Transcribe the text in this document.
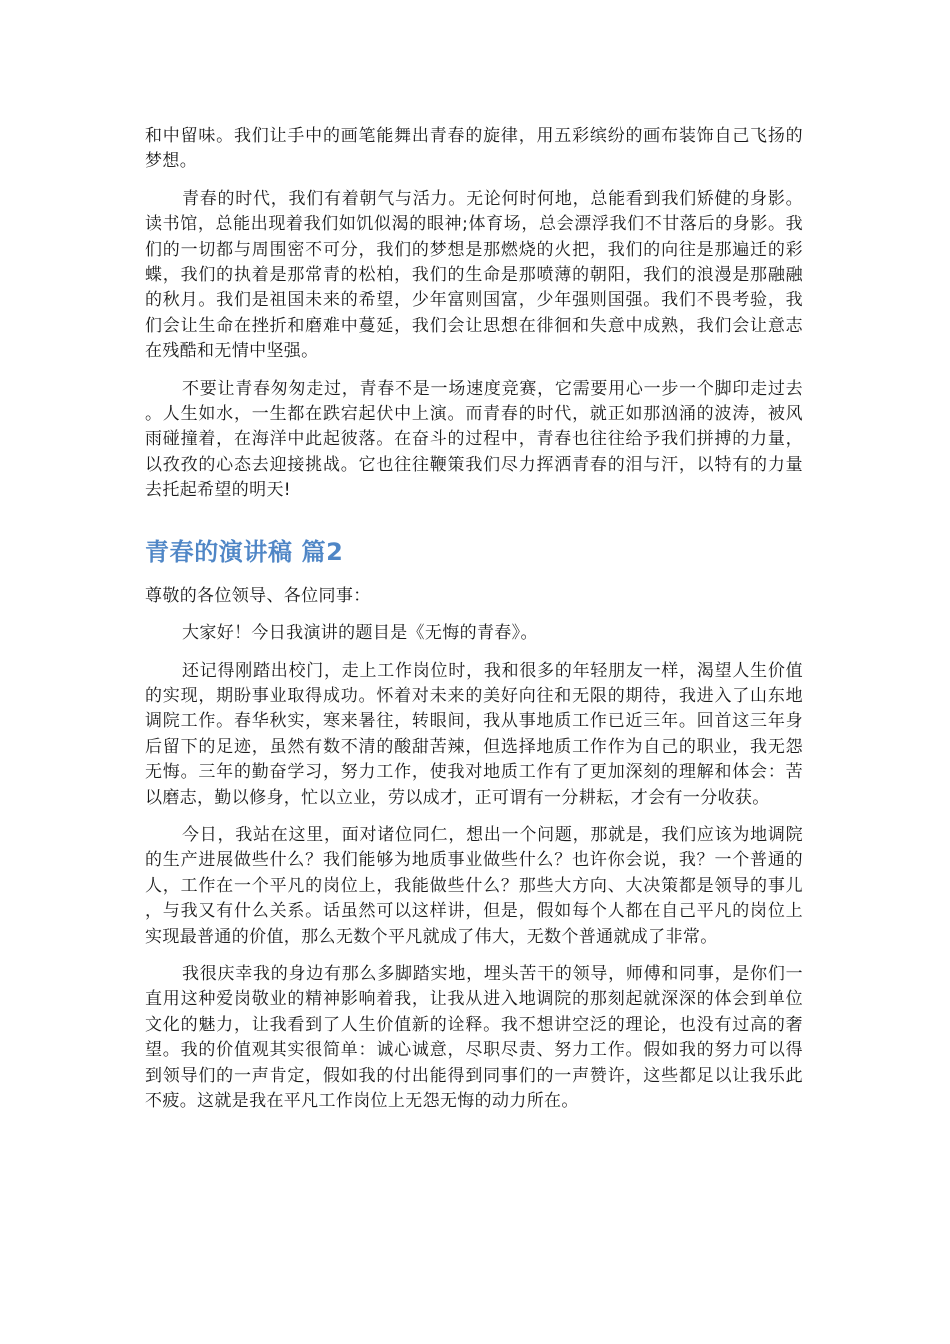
和中留味。我们让手中的画笔能舞出青春的旋律，用五彩缤纷的画布装饰自己飞扬的梦想。

青春的时代，我们有着朝气与活力。无论何时何地，总能看到我们矫健的身影。读书馆，总能出现着我们如饥似渴的眼神;体育场，总会漂浮我们不甘落后的身影。我们的一切都与周围密不可分，我们的梦想是那燃烧的火把，我们的向往是那遍迁的彩蝶，我们的执着是那常青的松柏，我们的生命是那喷薄的朝阳，我们的浪漫是那融融的秋月。我们是祖国未来的希望，少年富则国富，少年强则国强。我们不畏考验，我们会让生命在挫折和磨难中蔓延，我们会让思想在徘徊和失意中成熟，我们会让意志在残酷和无情中坚强。

不要让青春匆匆走过，青春不是一场速度竞赛，它需要用心一步一个脚印走过去。人生如水，一生都在跌宕起伏中上演。而青春的时代，就正如那汹涌的波涛，被风雨碰撞着，在海洋中此起彼落。在奋斗的过程中，青春也往往给予我们拼搏的力量，以孜孜的心态去迎接挑战。它也往往鞭策我们尽力挥洒青春的泪与汗，以特有的力量去托起希望的明天!

青春的演讲稿 篇2

尊敬的各位领导、各位同事：

大家好！今日我演讲的题目是《无悔的青春》。

还记得刚踏出校门，走上工作岗位时，我和很多的年轻朋友一样，渴望人生价值的实现，期盼事业取得成功。怀着对未来的美好向往和无限的期待，我进入了山东地调院工作。春华秋实，寒来暑往，转眼间，我从事地质工作已近三年。回首这三年身后留下的足迹，虽然有数不清的酸甜苦辣，但选择地质工作作为自己的职业，我无怨无悔。三年的勤奋学习，努力工作，使我对地质工作有了更加深刻的理解和体会：苦以磨志，勤以修身，忙以立业，劳以成才，正可谓有一分耕耘，才会有一分收获。

今日，我站在这里，面对诸位同仁，想出一个问题，那就是，我们应该为地调院的生产进展做些什么？我们能够为地质事业做些什么？也许你会说，我？一个普通的人，工作在一个平凡的岗位上，我能做些什么？那些大方向、大决策都是领导的事儿，与我又有什么关系。话虽然可以这样讲，但是，假如每个人都在自己平凡的岗位上实现最普通的价值，那么无数个平凡就成了伟大，无数个普通就成了非常。

我很庆幸我的身边有那么多脚踏实地，埋头苦干的领导，师傅和同事，是你们一直用这种爱岗敬业的精神影响着我，让我从进入地调院的那刻起就深深的体会到单位文化的魅力，让我看到了人生价值新的诠释。我不想讲空泛的理论，也没有过高的奢望。我的价值观其实很简单：诚心诚意，尽职尽责、努力工作。假如我的努力可以得到领导们的一声肯定，假如我的付出能得到同事们的一声赞许，这些都足以让我乐此不疲。这就是我在平凡工作岗位上无怨无悔的动力所在。
